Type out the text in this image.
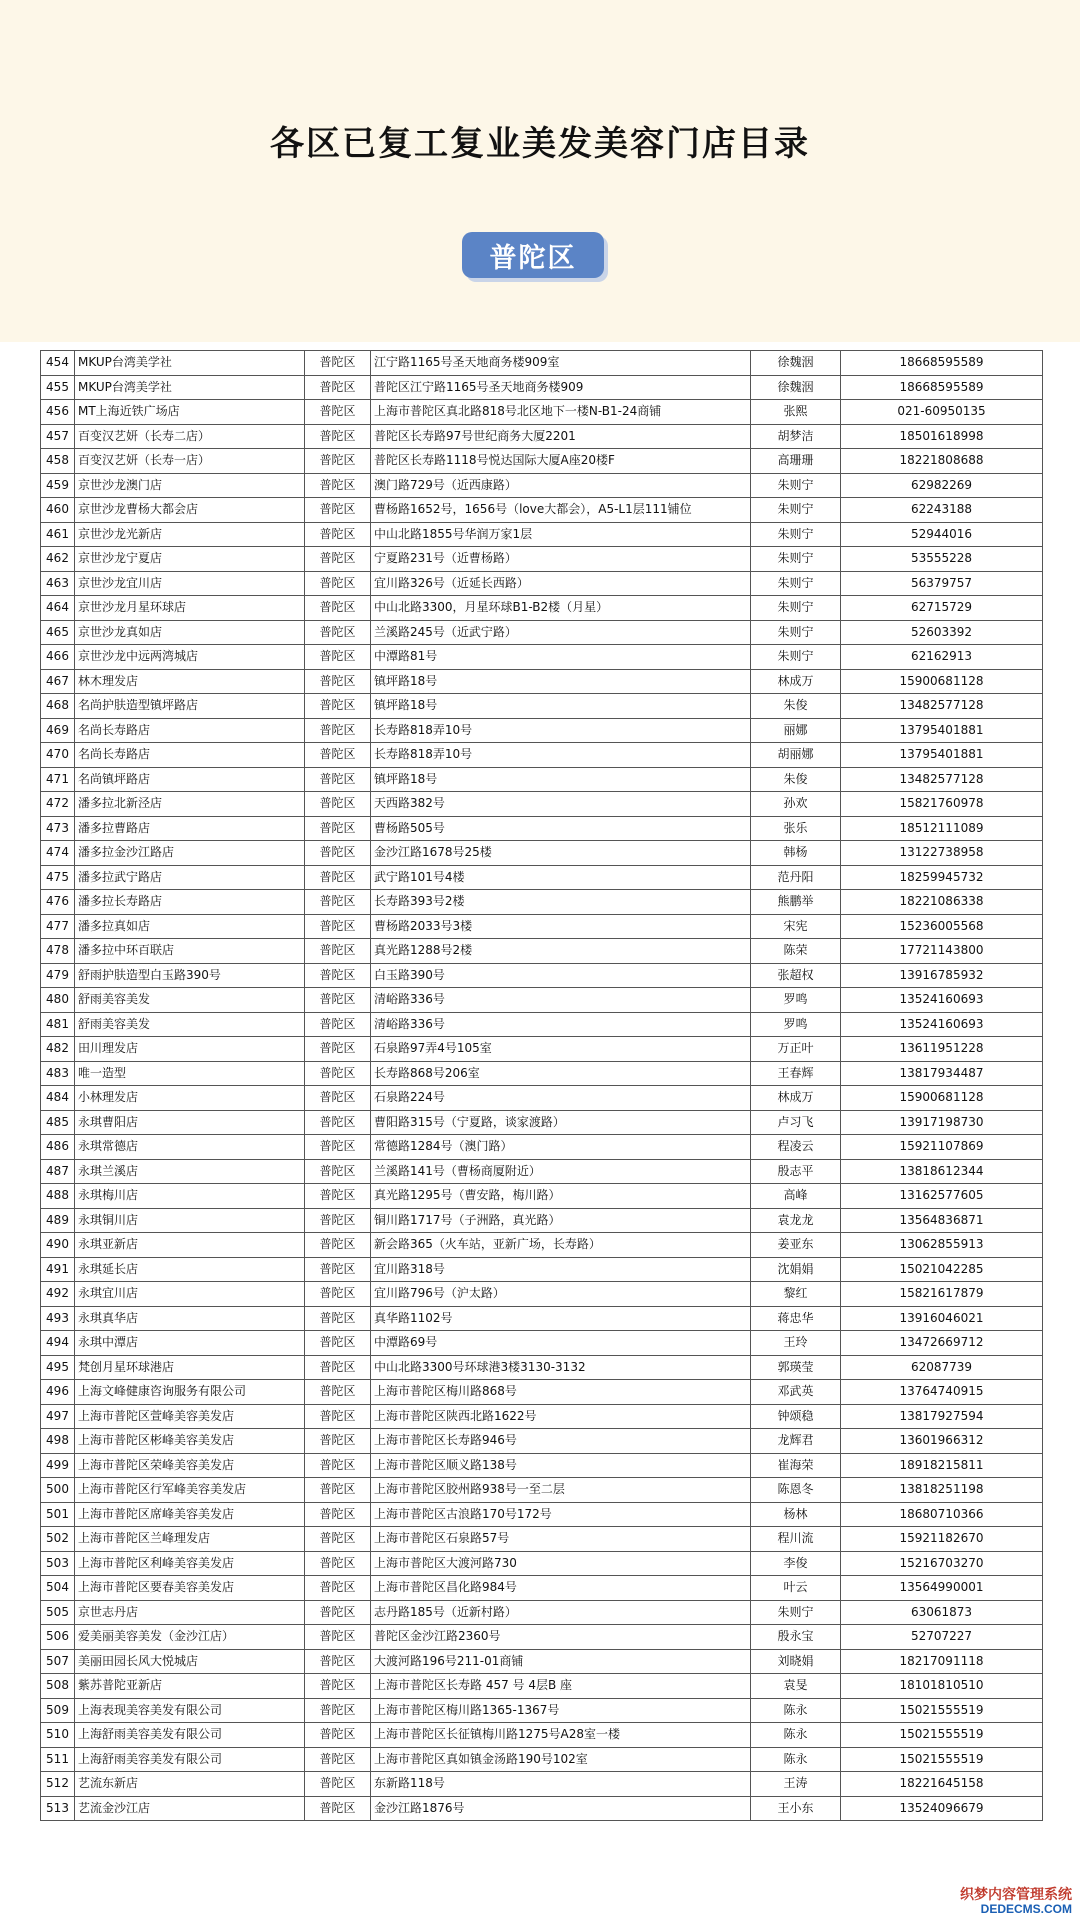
各区已复工复业美发美容门店目录
普陀区
454	MKUP台湾美学社	普陀区	江宁路1165号圣天地商务楼909室	徐魏洇	18668595589
455	MKUP台湾美学社	普陀区	普陀区江宁路1165号圣天地商务楼909	徐魏洇	18668595589
456	MT上海近铁广场店	普陀区	上海市普陀区真北路818号北区地下一楼N-B1-24商铺	张熙	021-60950135
457	百变汉艺妍（长寿二店）	普陀区	普陀区长寿路97号世纪商务大厦2201	胡梦洁	18501618998
458	百变汉艺妍（长寿一店）	普陀区	普陀区长寿路1118号悦达国际大厦A座20楼F	高珊珊	18221808688
459	京世沙龙澳门店	普陀区	澳门路729号（近西康路）	朱则宁	62982269
460	京世沙龙曹杨大都会店	普陀区	曹杨路1652号，1656号（love大都会），A5-L1层111铺位	朱则宁	62243188
461	京世沙龙光新店	普陀区	中山北路1855号华润万家1层	朱则宁	52944016
462	京世沙龙宁夏店	普陀区	宁夏路231号（近曹杨路）	朱则宁	53555228
463	京世沙龙宜川店	普陀区	宜川路326号（近延长西路）	朱则宁	56379757
464	京世沙龙月星环球店	普陀区	中山北路3300，月星环球B1-B2楼（月星）	朱则宁	62715729
465	京世沙龙真如店	普陀区	兰溪路245号（近武宁路）	朱则宁	52603392
466	京世沙龙中远两湾城店	普陀区	中潭路81号	朱则宁	62162913
467	林木理发店	普陀区	镇坪路18号	林成万	15900681128
468	名尚护肤造型镇坪路店	普陀区	镇坪路18号	朱俊	13482577128
469	名尚长寿路店	普陀区	长寿路818弄10号	丽娜	13795401881
470	名尚长寿路店	普陀区	长寿路818弄10号	胡丽娜	13795401881
471	名尚镇坪路店	普陀区	镇坪路18号	朱俊	13482577128
472	潘多拉北新泾店	普陀区	天西路382号	孙欢	15821760978
473	潘多拉曹路店	普陀区	曹杨路505号	张乐	18512111089
474	潘多拉金沙江路店	普陀区	金沙江路1678号25楼	韩杨	13122738958
475	潘多拉武宁路店	普陀区	武宁路101号4楼	范丹阳	18259945732
476	潘多拉长寿路店	普陀区	长寿路393号2楼	熊鹏举	18221086338
477	潘多拉真如店	普陀区	曹杨路2033号3楼	宋宪	15236005568
478	潘多拉中环百联店	普陀区	真光路1288号2楼	陈荣	17721143800
479	舒雨护肤造型白玉路390号	普陀区	白玉路390号	张超权	13916785932
480	舒雨美容美发	普陀区	清峪路336号	罗鸣	13524160693
481	舒雨美容美发	普陀区	清峪路336号	罗鸣	13524160693
482	田川理发店	普陀区	石泉路97弄4号105室	万正叶	13611951228
483	唯一造型	普陀区	长寿路868号206室	王春辉	13817934487
484	小林理发店	普陀区	石泉路224号	林成万	15900681128
485	永琪曹阳店	普陀区	曹阳路315号（宁夏路，谈家渡路）	卢习飞	13917198730
486	永琪常德店	普陀区	常德路1284号（澳门路）	程凌云	15921107869
487	永琪兰溪店	普陀区	兰溪路141号（曹杨商厦附近）	殷志平	13818612344
488	永琪梅川店	普陀区	真光路1295号（曹安路，梅川路）	高峰	13162577605
489	永琪铜川店	普陀区	铜川路1717号（子洲路，真光路）	袁龙龙	13564836871
490	永琪亚新店	普陀区	新会路365（火车站，亚新广场，长寿路）	姜亚东	13062855913
491	永琪延长店	普陀区	宜川路318号	沈娟娟	15021042285
492	永琪宜川店	普陀区	宜川路796号（沪太路）	黎红	15821617879
493	永琪真华店	普陀区	真华路1102号	蒋忠华	13916046021
494	永琪中潭店	普陀区	中潭路69号	王玲	13472669712
495	梵创月星环球港店	普陀区	中山北路3300号环球港3楼3130-3132	郭瑛莹	62087739
496	上海文峰健康咨询服务有限公司	普陀区	上海市普陀区梅川路868号	邓武英	13764740915
497	上海市普陀区萱峰美容美发店	普陀区	上海市普陀区陕西北路1622号	钟颂稳	13817927594
498	上海市普陀区彬峰美容美发店	普陀区	上海市普陀区长寿路946号	龙辉君	13601966312
499	上海市普陀区荣峰美容美发店	普陀区	上海市普陀区顺义路138号	崔海荣	18918215811
500	上海市普陀区行军峰美容美发店	普陀区	上海市普陀区胶州路938号一至二层	陈恩冬	13818251198
501	上海市普陀区席峰美容美发店	普陀区	上海市普陀区古浪路170号172号	杨林	18680710366
502	上海市普陀区兰峰理发店	普陀区	上海市普陀区石泉路57号	程川流	15921182670
503	上海市普陀区利峰美容美发店	普陀区	上海市普陀区大渡河路730	李俊	15216703270
504	上海市普陀区要春美容美发店	普陀区	上海市普陀区昌化路984号	叶云	13564990001
505	京世志丹店	普陀区	志丹路185号（近新村路）	朱则宁	63061873
506	爱美丽美容美发（金沙江店）	普陀区	普陀区金沙江路2360号	殷永宝	52707227
507	美丽田园长风大悦城店	普陀区	大渡河路196号211-01商铺	刘晓娟	18217091118
508	紫苏普陀亚新店	普陀区	上海市普陀区长寿路 457 号 4层B 座	袁旻	18101810510
509	上海表现美容美发有限公司	普陀区	上海市普陀区梅川路1365-1367号	陈永	15021555519
510	上海舒雨美容美发有限公司	普陀区	上海市普陀区长征镇梅川路1275号A28室一楼	陈永	15021555519
511	上海舒雨美容美发有限公司	普陀区	上海市普陀区真如镇金汤路190号102室	陈永	15021555519
512	艺流东新店	普陀区	东新路118号	王涛	18221645158
513	艺流金沙江店	普陀区	金沙江路1876号	王小东	13524096679
织梦内容管理系统
DEDECMS.COM
